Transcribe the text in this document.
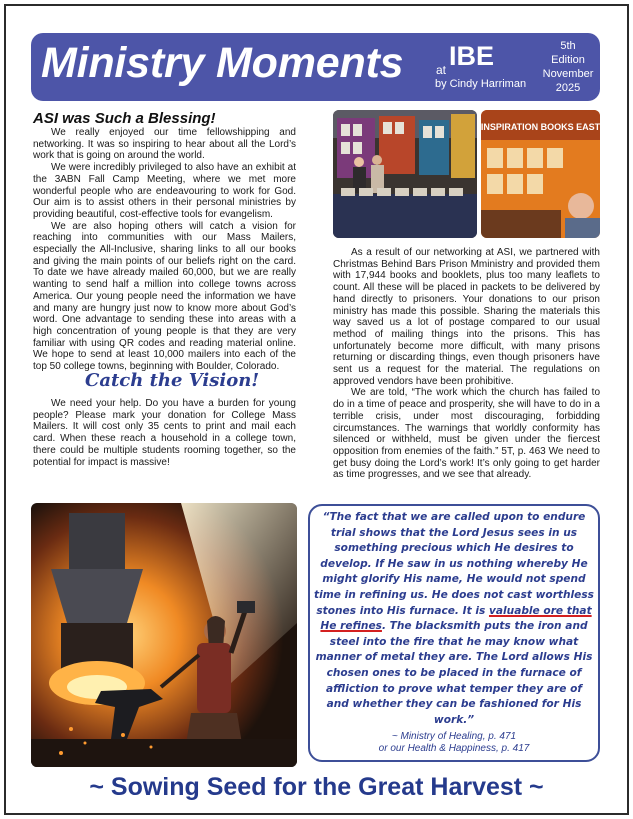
Ministry Moments	at IBE
by Cindy Harriman
5th
Edition
November
2025
ASI was Such a Blessing!

We really enjoyed our time fellowshipping and networking. It was so inspiring to hear about all the Lord’s work that is going on around the world.

We were incredibly privileged to also have an exhibit at the 3ABN Fall Camp Meeting, where we met more wonderful people who are endeavouring to work for God. Our aim is to assist others in their personal ministries by providing beautiful, cost-effective tools for evangelism.

We are also hoping others will catch a vision for reaching into communities with our Mass Mailers, especially the All-Inclusive, sharing links to all our books and giving the main points of our beliefs right on the card. To date we have already mailed 60,000, but we are really wanting to send half a million into college towns across America. Our young people need the information we have and many are hungry just now to know more about God’s word. One advantage to sending these into areas with a high concentration of young people is that they are very familiar with using QR codes and reading material online. We hope to send at least 10,000 mailers into each of the top 50 college towns, beginning with Boulder, Colorado.

Catch the Vision!

We need your help. Do you have a burden for young people? Please mark your donation for College Mass Mailers. It will cost only 35 cents to print and mail each card. When these reach a household in a college town, there could be multiple students rooming together, so the potential for impact is massive!

INSPIRATION BOOKS EAST

As a result of our networking at ASI, we partnered with Christmas Behind Bars Prison Mministry and provided them with 17,944 books and booklets, plus too many leaflets to count. All these will be placed in packets to be delivered by hand directly to prisoners. Your donations to our prison ministry has made this possible. Sharing the materials this way saved us a lot of postage compared to our usual method of mailing things into the prisons. This has unfortunately become more difficult, with many prisons returning or discarding things, even though prisoners have sent us a request for the material. The regulations on approved vendors have been prohibitive.

We are told, “The work which the church has failed to do in a time of peace and prosperity, she will have to do in a terrible crisis, under most discouraging, forbidding circumstances. The warnings that worldly conformity has silenced or withheld, must be given under the fiercest opposition from enemies of the faith.” 5T, p. 463 We need to get busy doing the Lord’s work! It’s only going to get harder as time progresses, and we see that already.

“The fact that we are called upon to endure trial shows that the Lord Jesus sees in us something precious which He desires to develop. If He saw in us nothing whereby He might glorify His name, He would not spend time in refining us. He does not cast worthless stones into His furnace. It is valuable ore that He refines. The blacksmith puts the iron and steel into the fire that he may know what manner of metal they are. The Lord allows His chosen ones to be placed in the furnace of affliction to prove what temper they are of and whether they can be fashioned for His work.”
~ Ministry of Healing, p. 471
or our Health & Happiness, p. 417
~ Sowing Seed for the Great Harvest ~
